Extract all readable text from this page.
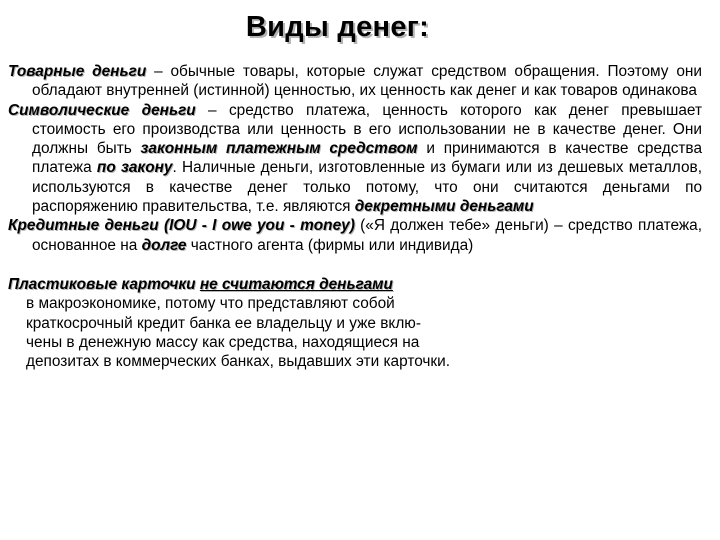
Виды денег:

Товарные деньги – обычные товары, которые служат средством обращения. Поэтому они обладают внутренней (истинной) ценностью, их ценность как денег и как товаров одинакова

Символические деньги – средство платежа, ценность которого как денег превышает стоимость его производства или ценность в его использовании не в качестве денег. Они должны быть законным платежным средством и принимаются в качестве средства платежа по закону. Наличные деньги, изготовленные из бумаги или из дешевых металлов, используются в качестве денег только потому, что они считаются деньгами по распоряжению правительства, т.е. являются декретными деньгами

Кредитные деньги (IOU - I owe you - money) («Я должен тебе» деньги) – средство платежа, основанное на долге частного агента (фирмы или индивида)

Пластиковые карточки не считаются деньгами

в макроэкономике, потому что представляют собой
краткосрочный кредит банка ее владельцу и уже вклю-
чены в денежную массу как средства, находящиеся на
депозитах в коммерческих банках, выдавших эти карточки.
